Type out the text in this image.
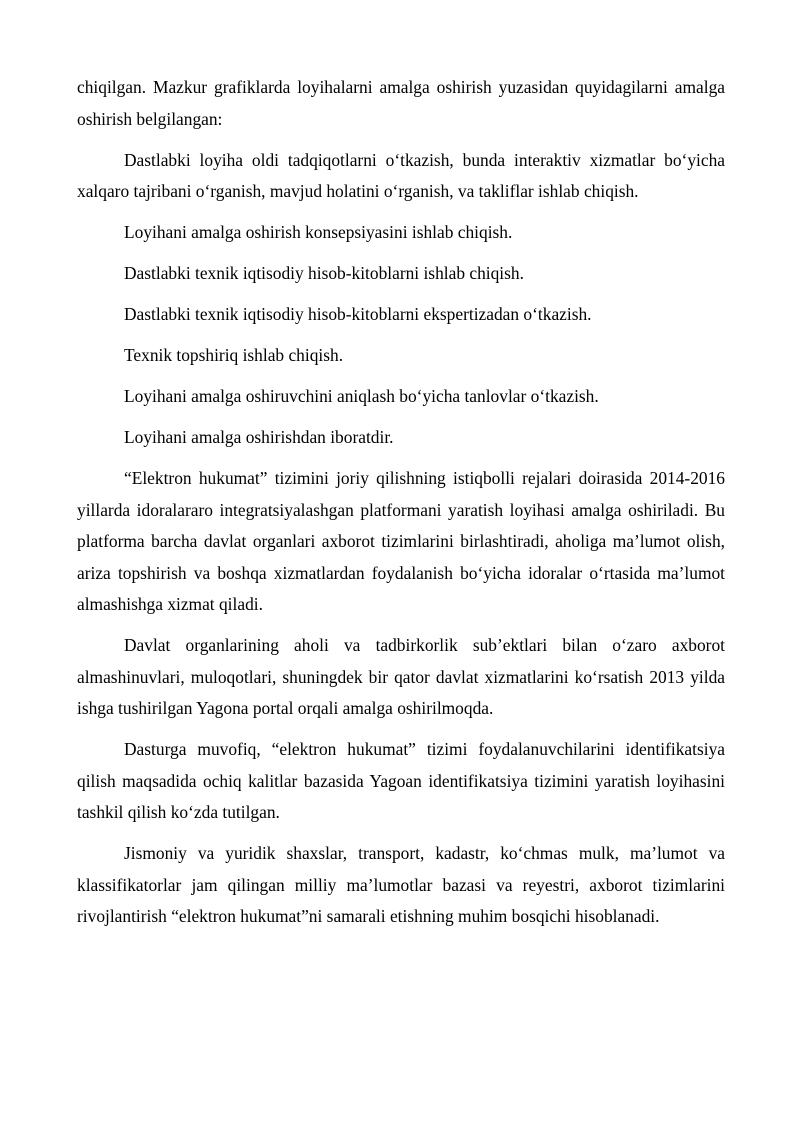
chiqilgan. Mazkur grafiklarda loyihalarni amalga oshirish yuzasidan quyidagilarni amalga oshirish belgilangan:

Dastlabki loyiha oldi tadqiqotlarni o‘tkazish, bunda interaktiv xizmatlar bo‘yicha xalqaro tajribani o‘rganish, mavjud holatini o‘rganish, va takliflar ishlab chiqish.

Loyihani amalga oshirish konsepsiyasini ishlab chiqish.

Dastlabki texnik iqtisodiy hisob-kitoblarni ishlab chiqish.

Dastlabki texnik iqtisodiy hisob-kitoblarni ekspertizadan o‘tkazish.

Texnik topshiriq ishlab chiqish.

Loyihani amalga oshiruvchini aniqlash bo‘yicha tanlovlar o‘tkazish.

Loyihani amalga oshirishdan iboratdir.

“Elektron hukumat” tizimini joriy qilishning istiqbolli rejalari doirasida 2014-2016 yillarda idoralararo integratsiyalashgan platformani yaratish loyihasi amalga oshiriladi. Bu platforma barcha davlat organlari axborot tizimlarini birlashtiradi, aholiga ma’lumot olish, ariza topshirish va boshqa xizmatlardan foydalanish bo‘yicha idoralar o‘rtasida ma’lumot almashishga xizmat qiladi.

Davlat organlarining aholi va tadbirkorlik sub’ektlari bilan o‘zaro axborot almashinuvlari, muloqotlari, shuningdek bir qator davlat xizmatlarini ko‘rsatish 2013 yilda ishga tushirilgan Yagona portal orqali amalga oshirilmoqda.

Dasturga muvofiq, “elektron hukumat” tizimi foydalanuvchilarini identifikatsiya qilish maqsadida ochiq kalitlar bazasida Yagoan identifikatsiya tizimini yaratish loyihasini tashkil qilish ko‘zda tutilgan.

Jismoniy va yuridik shaxslar, transport, kadastr, ko‘chmas mulk, ma’lumot va klassifikatorlar jam qilingan milliy ma’lumotlar bazasi va reyestri, axborot tizimlarini rivojlantirish “elektron hukumat”ni samarali etishning muhim bosqichi hisoblanadi.
